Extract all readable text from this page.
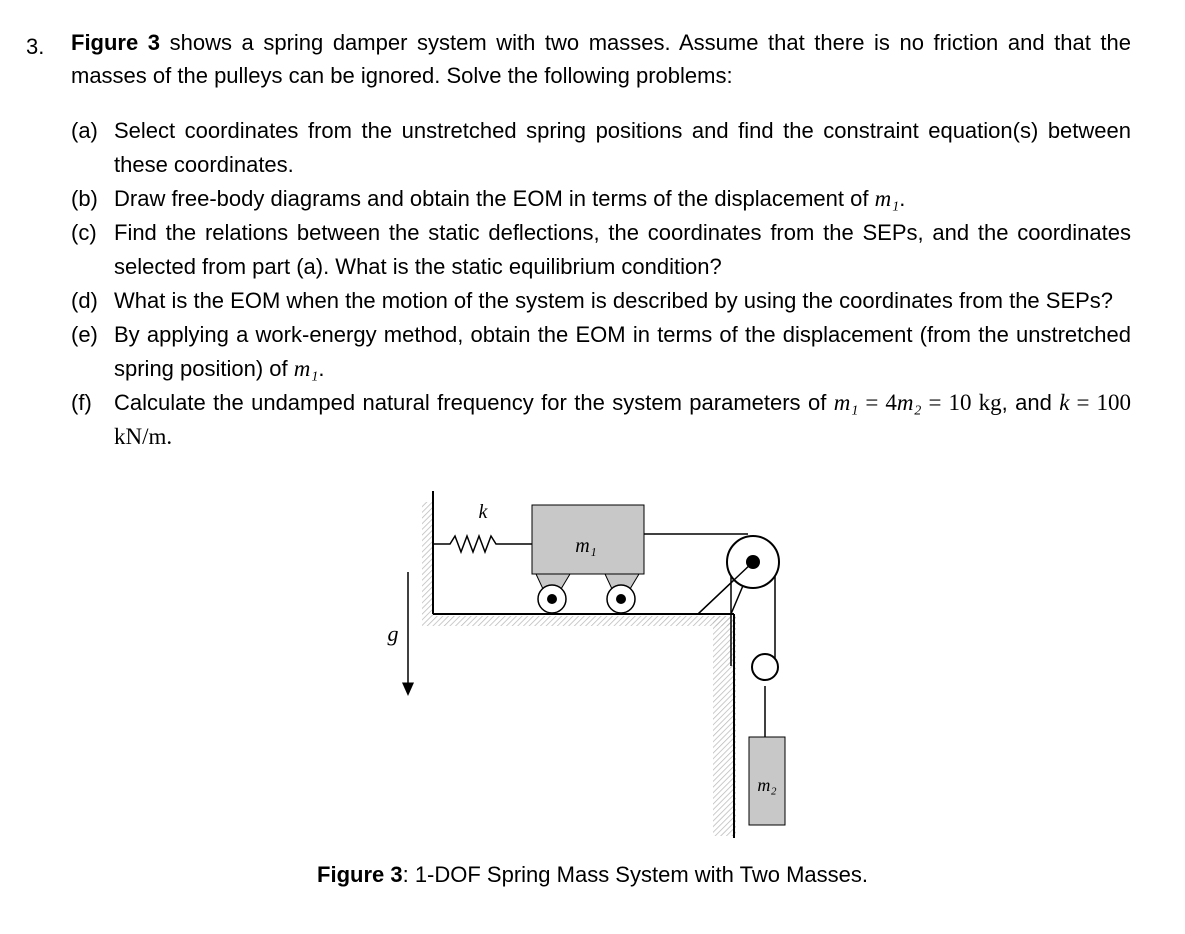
3. Figure 3 shows a spring damper system with two masses. Assume that there is no friction and that the masses of the pulleys can be ignored. Solve the following problems:
(a) Select coordinates from the unstretched spring positions and find the constraint equation(s) between these coordinates.
(b) Draw free-body diagrams and obtain the EOM in terms of the displacement of m₁.
(c) Find the relations between the static deflections, the coordinates from the SEPs, and the coordinates selected from part (a). What is the static equilibrium condition?
(d) What is the EOM when the motion of the system is described by using the coordinates from the SEPs?
(e) By applying a work-energy method, obtain the EOM in terms of the displacement (from the unstretched spring position) of m₁.
(f) Calculate the undamped natural frequency for the system parameters of m₁ = 4m₂ = 10 kg, and k = 100 kN/m.
k
m₁
m₂
g
Figure 3: 1-DOF Spring Mass System with Two Masses.
